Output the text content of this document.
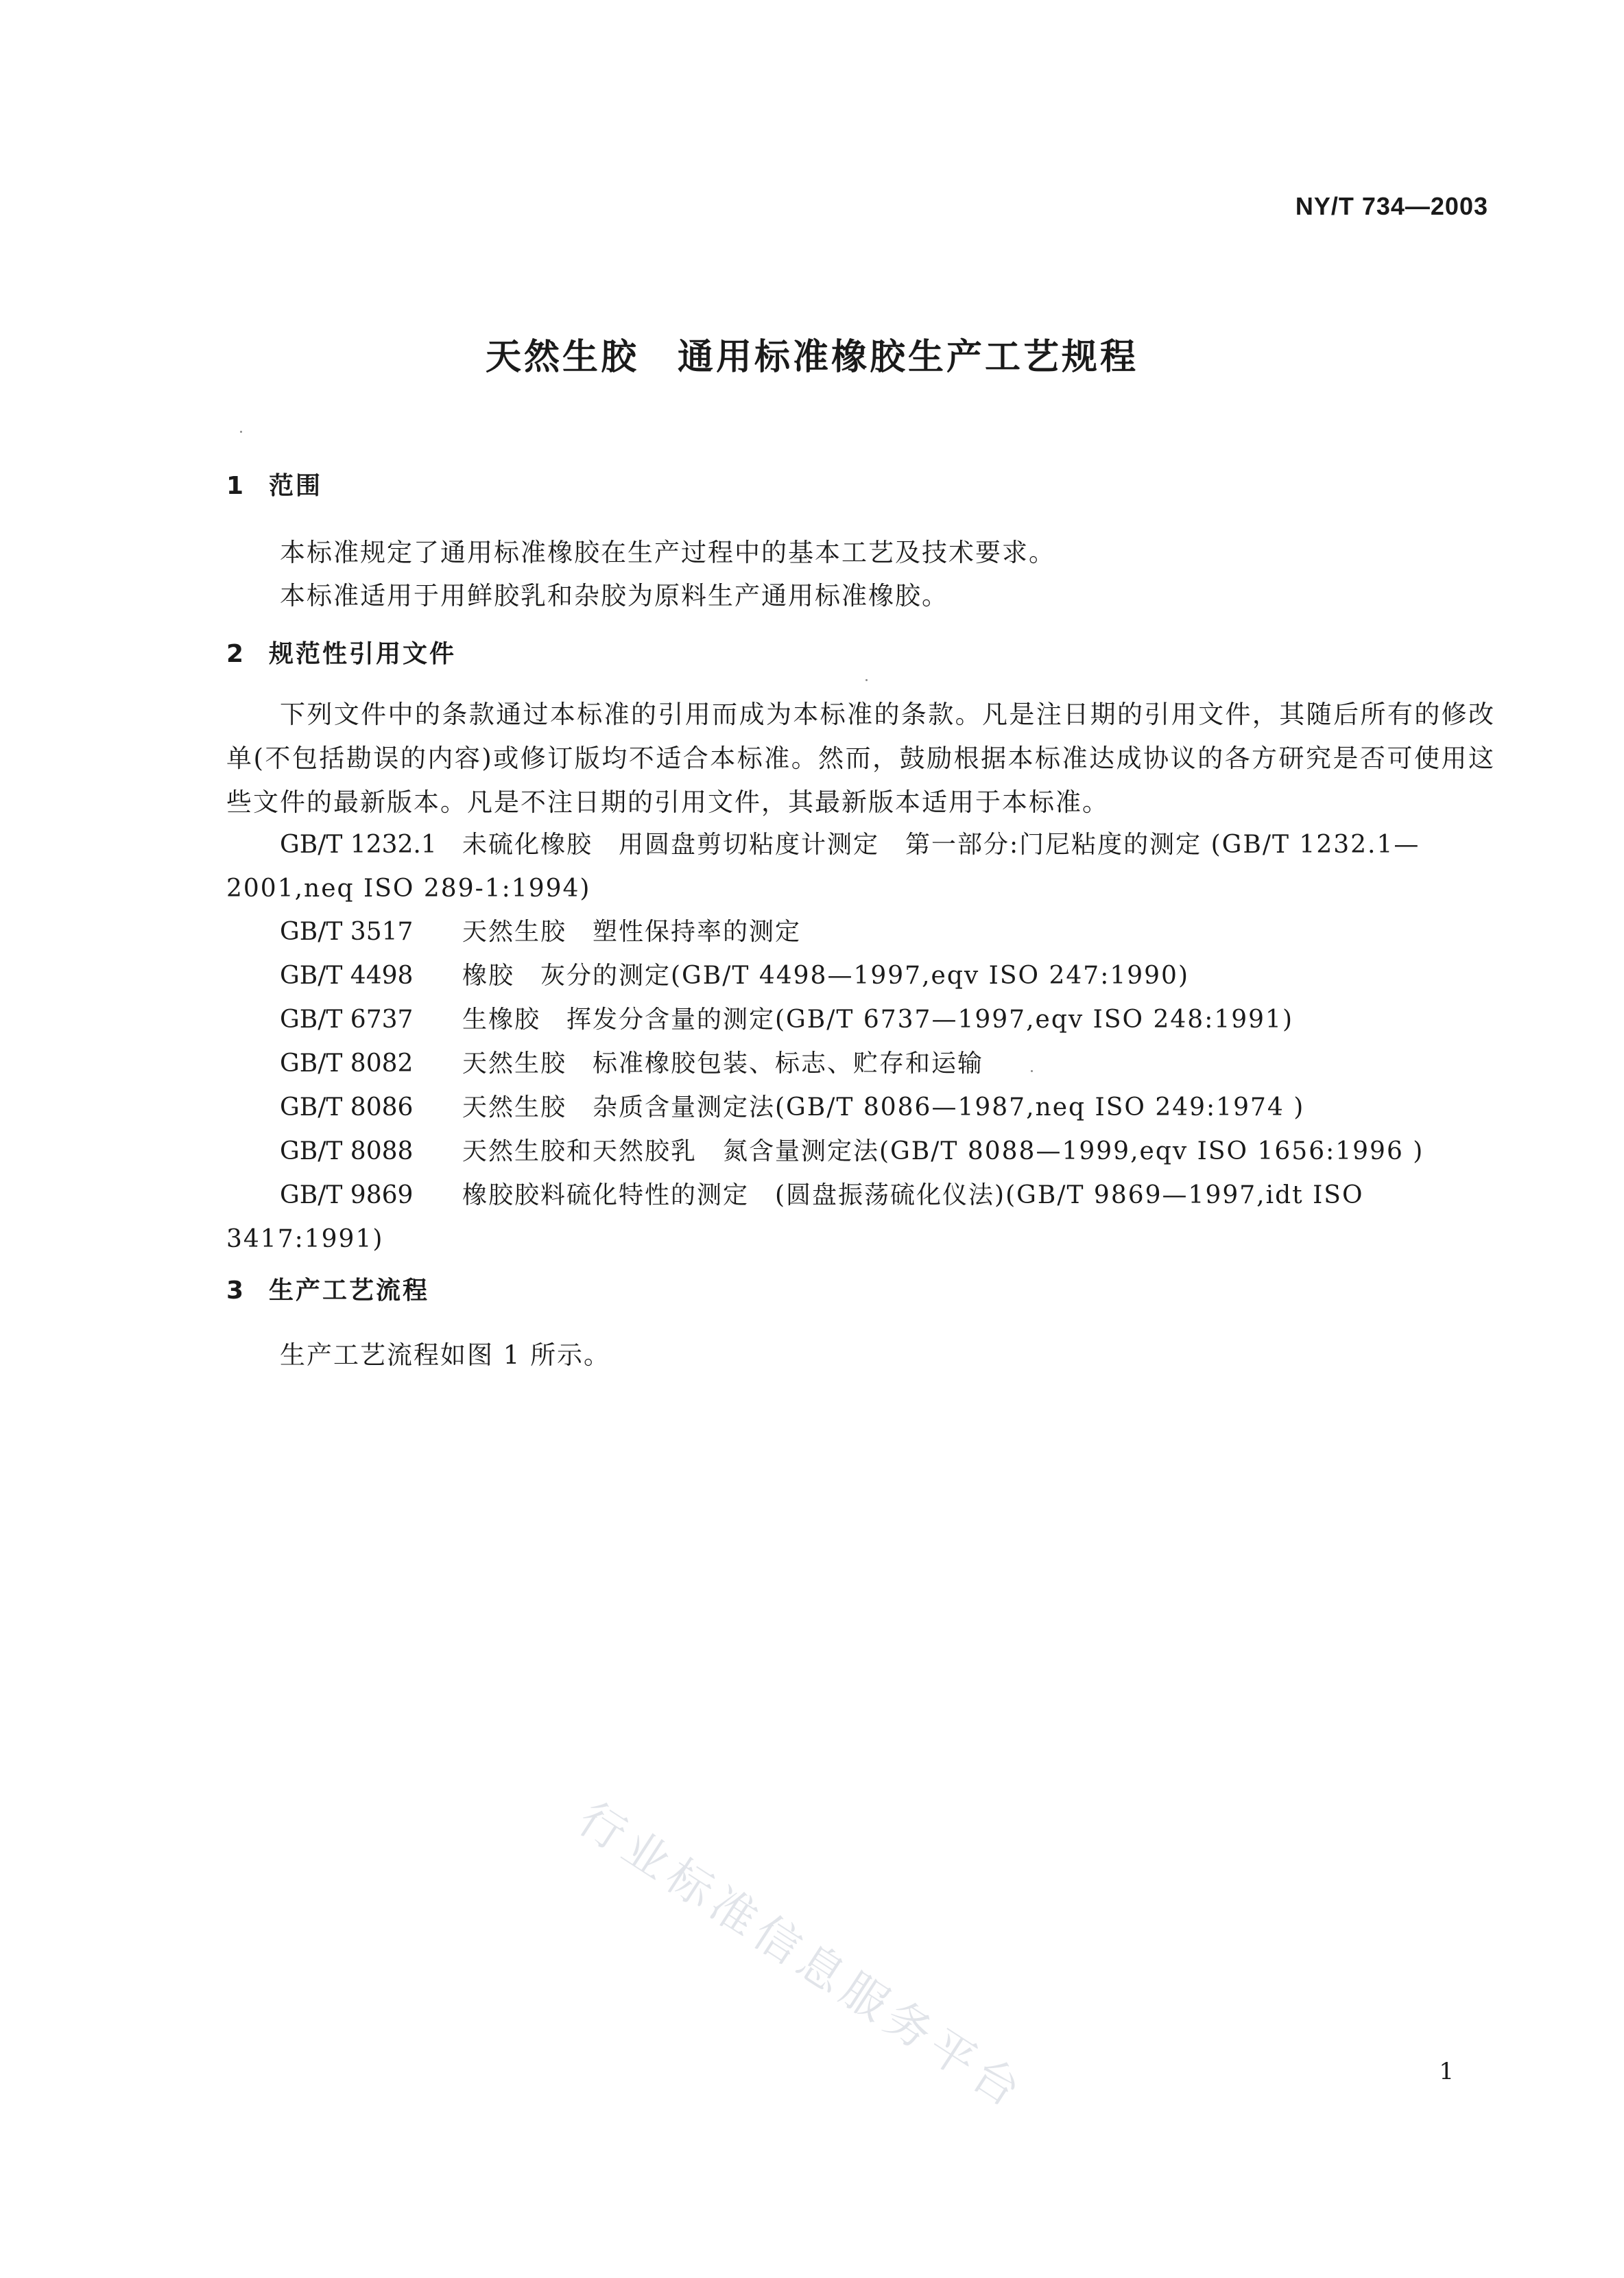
NY/T 734—2003
天然生胶　通用标准橡胶生产工艺规程
1 范围
本标准规定了通用标准橡胶在生产过程中的基本工艺及技术要求。
本标准适用于用鲜胶乳和杂胶为原料生产通用标准橡胶。
2 规范性引用文件
下列文件中的条款通过本标准的引用而成为本标准的条款。凡是注日期的引用文件，其随后所有的修改单(不包括勘误的内容)或修订版均不适合本标准。然而，鼓励根据本标准达成协议的各方研究是否可使用这些文件的最新版本。凡是不注日期的引用文件，其最新版本适用于本标准。
GB/T 1232.1 未硫化橡胶　用圆盘剪切粘度计测定　第一部分:门尼粘度的测定 (GB/T 1232.1—2001,neq ISO 289-1:1994)
GB/T 3517 天然生胶　塑性保持率的测定
GB/T 4498 橡胶　灰分的测定(GB/T 4498—1997,eqv ISO 247:1990)
GB/T 6737 生橡胶　挥发分含量的测定(GB/T 6737—1997,eqv ISO 248:1991)
GB/T 8082 天然生胶　标准橡胶包装、标志、贮存和运输
GB/T 8086 天然生胶　杂质含量测定法(GB/T 8086—1987,neq ISO 249:1974 )
GB/T 8088 天然生胶和天然胶乳　氮含量测定法(GB/T 8088—1999,eqv ISO 1656:1996 )
GB/T 9869 橡胶胶料硫化特性的测定　(圆盘振荡硫化仪法)(GB/T 9869—1997,idt ISO 3417:1991)
3 生产工艺流程
生产工艺流程如图 1 所示。
行业标准信息服务平台	1
